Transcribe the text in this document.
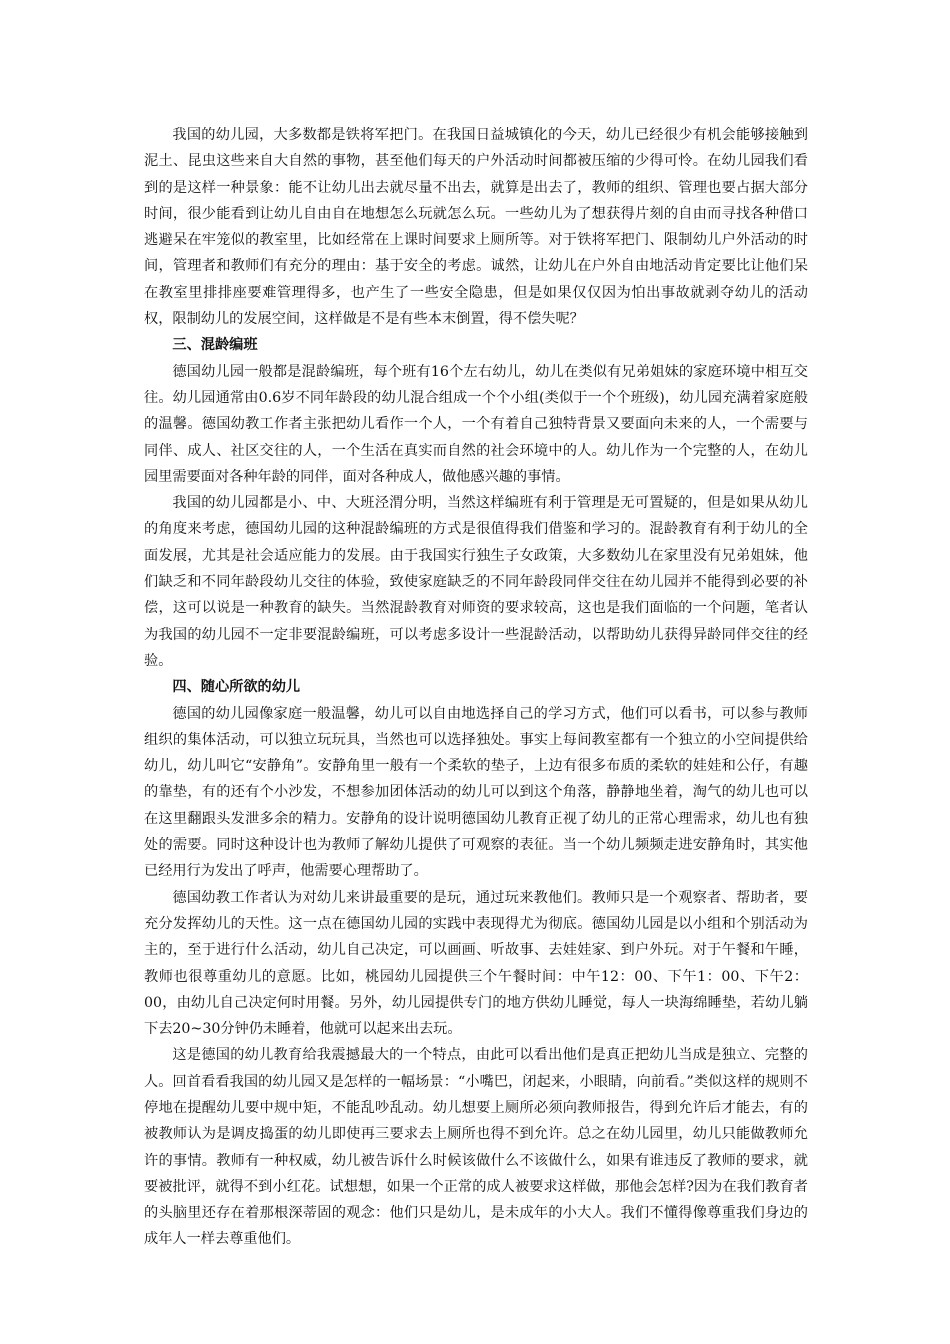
我国的幼儿园，大多数都是铁将军把门。在我国日益城镇化的今天，幼儿已经很少有机会能够接触到泥土、昆虫这些来自大自然的事物，甚至他们每天的户外活动时间都被压缩的少得可怜。在幼儿园我们看到的是这样一种景象：能不让幼儿出去就尽量不出去，就算是出去了，教师的组织、管理也要占据大部分时间，很少能看到让幼儿自由自在地想怎么玩就怎么玩。一些幼儿为了想获得片刻的自由而寻找各种借口逃避呆在牢笼似的教室里，比如经常在上课时间要求上厕所等。对于铁将军把门、限制幼儿户外活动的时间，管理者和教师们有充分的理由：基于安全的考虑。诚然，让幼儿在户外自由地活动肯定要比让他们呆在教室里排排座要难管理得多，也产生了一些安全隐患，但是如果仅仅因为怕出事故就剥夺幼儿的活动权，限制幼儿的发展空间，这样做是不是有些本末倒置，得不偿失呢？

三、混龄编班

德国幼儿园一般都是混龄编班，每个班有16个左右幼儿，幼儿在类似有兄弟姐妹的家庭环境中相互交往。幼儿园通常由0.6岁不同年龄段的幼儿混合组成一个个小组(类似于一个个班级)，幼儿园充满着家庭般的温馨。德国幼教工作者主张把幼儿看作一个人，一个有着自己独特背景又要面向未来的人，一个需要与同伴、成人、社区交往的人，一个生活在真实而自然的社会环境中的人。幼儿作为一个完整的人，在幼儿园里需要面对各种年龄的同伴，面对各种成人，做他感兴趣的事情。

我国的幼儿园都是小、中、大班泾渭分明，当然这样编班有利于管理是无可置疑的，但是如果从幼儿的角度来考虑，德国幼儿园的这种混龄编班的方式是很值得我们借鉴和学习的。混龄教育有利于幼儿的全面发展，尤其是社会适应能力的发展。由于我国实行独生子女政策，大多数幼儿在家里没有兄弟姐妹，他们缺乏和不同年龄段幼儿交往的体验，致使家庭缺乏的不同年龄段同伴交往在幼儿园并不能得到必要的补偿，这可以说是一种教育的缺失。当然混龄教育对师资的要求较高，这也是我们面临的一个问题，笔者认为我国的幼儿园不一定非要混龄编班，可以考虑多设计一些混龄活动，以帮助幼儿获得异龄同伴交往的经验。

四、随心所欲的幼儿

德国的幼儿园像家庭一般温馨，幼儿可以自由地选择自己的学习方式，他们可以看书，可以参与教师组织的集体活动，可以独立玩玩具，当然也可以选择独处。事实上每间教室都有一个独立的小空间提供给幼儿，幼儿叫它“安静角”。安静角里一般有一个柔软的垫子，上边有很多布质的柔软的娃娃和公仔，有趣的靠垫，有的还有个小沙发，不想参加团体活动的幼儿可以到这个角落，静静地坐着，淘气的幼儿也可以在这里翻跟头发泄多余的精力。安静角的设计说明德国幼儿教育正视了幼儿的正常心理需求，幼儿也有独处的需要。同时这种设计也为教师了解幼儿提供了可观察的表征。当一个幼儿频频走进安静角时，其实他已经用行为发出了呼声，他需要心理帮助了。

德国幼教工作者认为对幼儿来讲最重要的是玩，通过玩来教他们。教师只是一个观察者、帮助者，要充分发挥幼儿的天性。这一点在德国幼儿园的实践中表现得尤为彻底。德国幼儿园是以小组和个别活动为主的，至于进行什么活动，幼儿自己决定，可以画画、听故事、去娃娃家、到户外玩。对于午餐和午睡，教师也很尊重幼儿的意愿。比如，桃园幼儿园提供三个午餐时间：中午12：00、下午1：00、下午2：00，由幼儿自己决定何时用餐。另外，幼儿园提供专门的地方供幼儿睡觉，每人一块海绵睡垫，若幼儿躺下去20~30分钟仍未睡着，他就可以起来出去玩。

这是德国的幼儿教育给我震撼最大的一个特点，由此可以看出他们是真正把幼儿当成是独立、完整的人。回首看看我国的幼儿园又是怎样的一幅场景：“小嘴巴，闭起来，小眼睛，向前看。”类似这样的规则不停地在提醒幼儿要中规中矩，不能乱吵乱动。幼儿想要上厕所必须向教师报告，得到允许后才能去，有的被教师认为是调皮捣蛋的幼儿即使再三要求去上厕所也得不到允许。总之在幼儿园里，幼儿只能做教师允许的事情。教师有一种权威，幼儿被告诉什么时候该做什么不该做什么，如果有谁违反了教师的要求，就要被批评，就得不到小红花。试想想，如果一个正常的成人被要求这样做，那他会怎样?因为在我们教育者的头脑里还存在着那根深蒂固的观念：他们只是幼儿，是未成年的小大人。我们不懂得像尊重我们身边的成年人一样去尊重他们。
